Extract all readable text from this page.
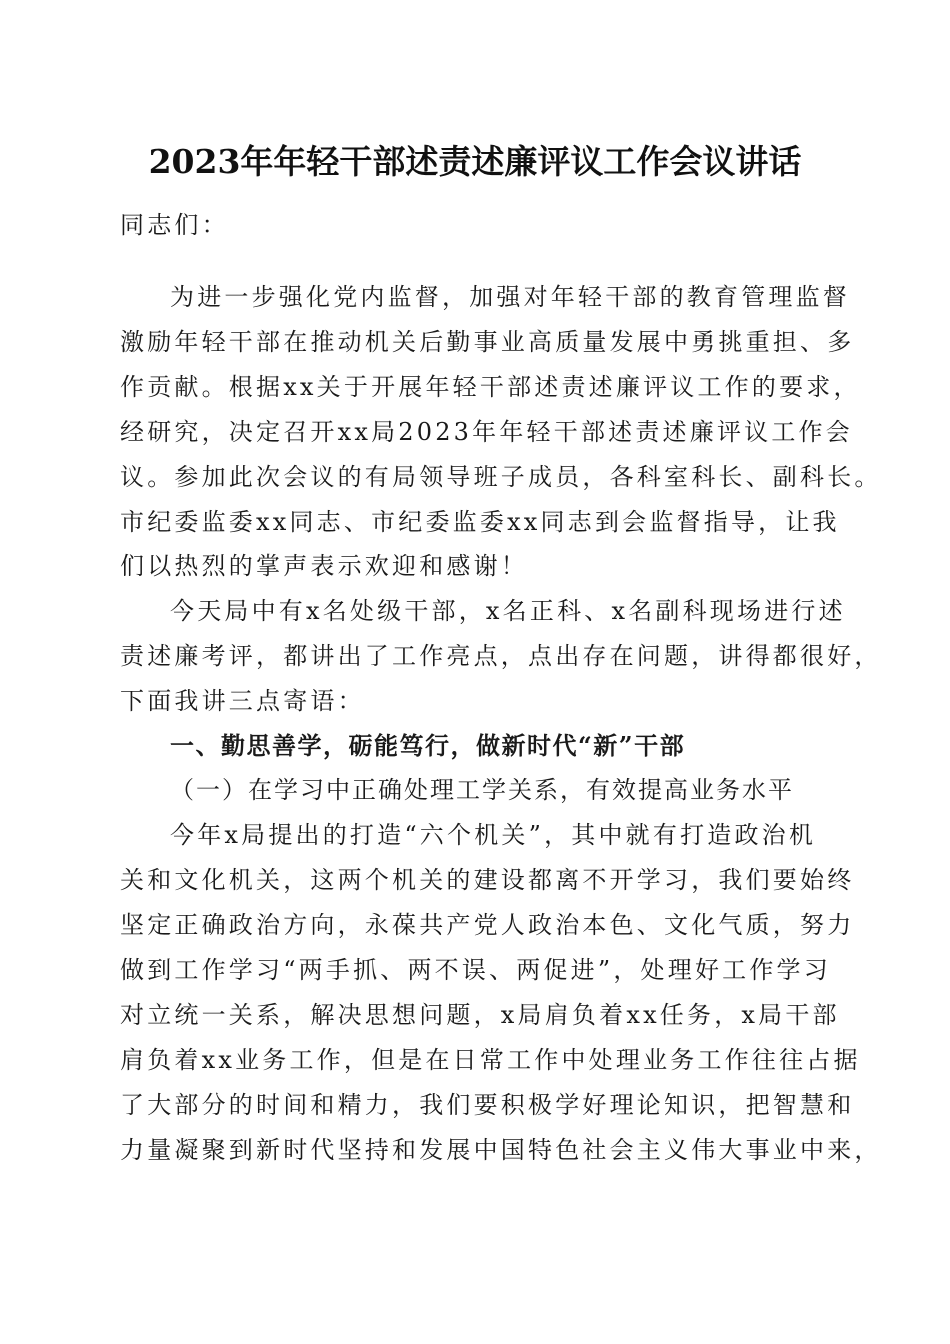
2023年年轻干部述责述廉评议工作会议讲话
同志们：
为进一步强化党内监督，加强对年轻干部的教育管理监督
激励年轻干部在推动机关后勤事业高质量发展中勇挑重担、多
作贡献。根据xx关于开展年轻干部述责述廉评议工作的要求，
经研究，决定召开xx局2023年年轻干部述责述廉评议工作会
议。参加此次会议的有局领导班子成员，各科室科长、副科长。
市纪委监委xx同志、市纪委监委xx同志到会监督指导，让我
们以热烈的掌声表示欢迎和感谢！
今天局中有x名处级干部，x名正科、x名副科现场进行述
责述廉考评，都讲出了工作亮点，点出存在问题，讲得都很好，
下面我讲三点寄语：
一、勤思善学，砺能笃行，做新时代“新”干部
（一）在学习中正确处理工学关系，有效提高业务水平
今年x局提出的打造“六个机关”，其中就有打造政治机
关和文化机关，这两个机关的建设都离不开学习，我们要始终
坚定正确政治方向，永葆共产党人政治本色、文化气质，努力
做到工作学习“两手抓、两不误、两促进”，处理好工作学习
对立统一关系，解决思想问题，x局肩负着xx任务，x局干部
肩负着xx业务工作，但是在日常工作中处理业务工作往往占据
了大部分的时间和精力，我们要积极学好理论知识，把智慧和
力量凝聚到新时代坚持和发展中国特色社会主义伟大事业中来，
